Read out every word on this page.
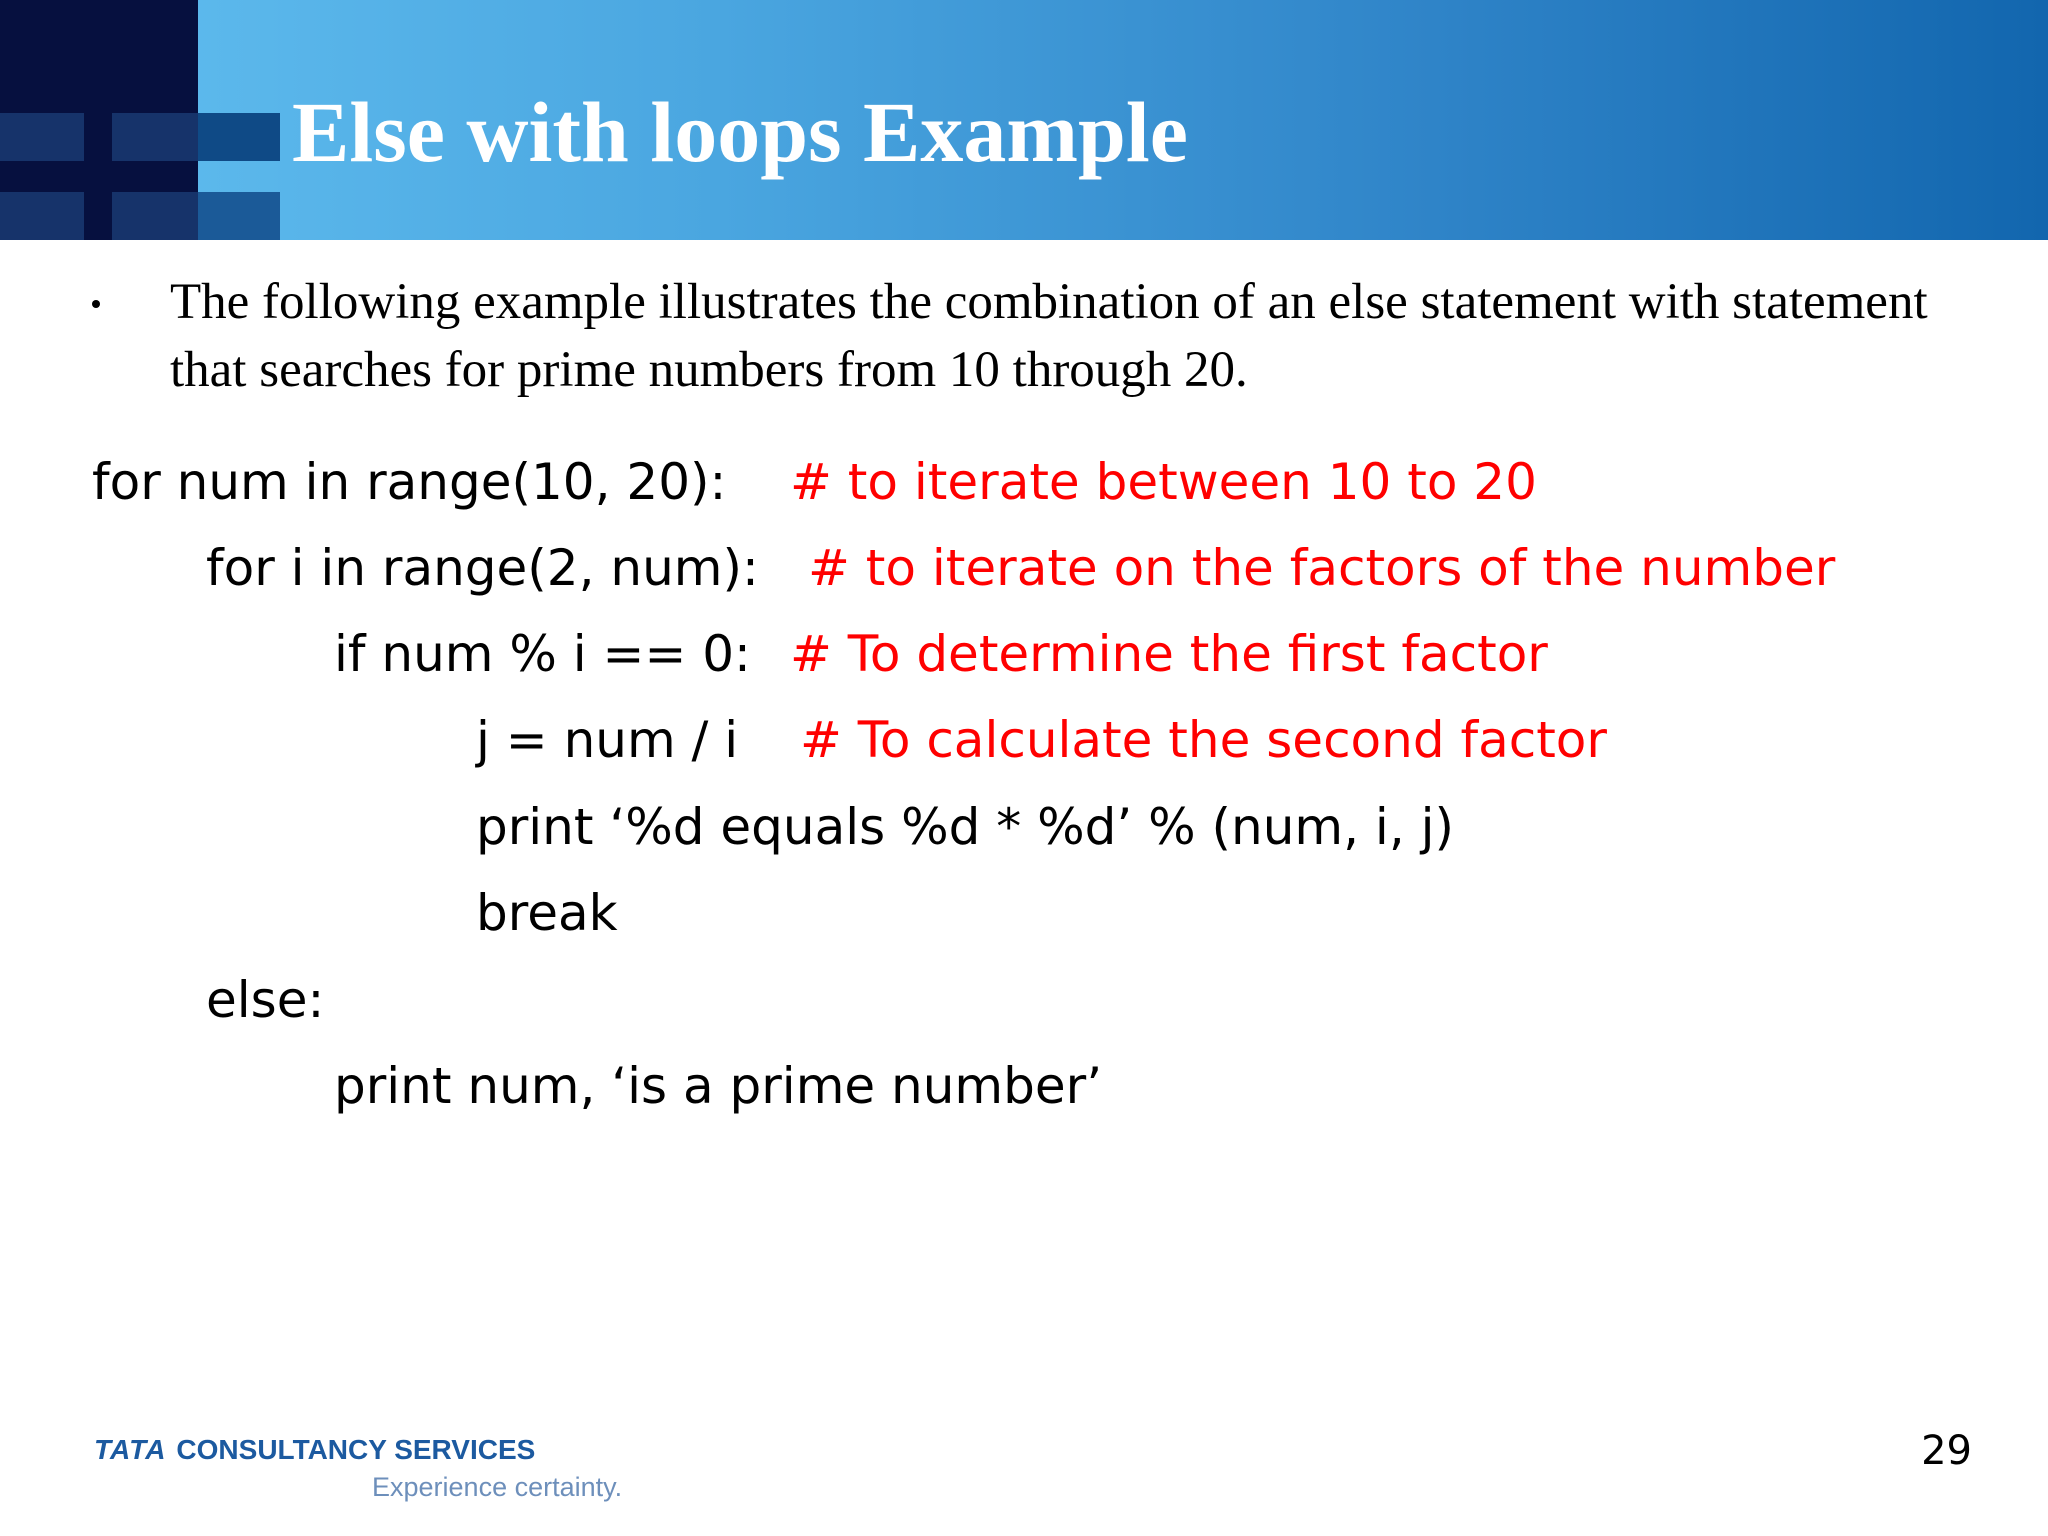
Else with loops Example

The following example illustrates the combination of an else statement with statement that searches for prime numbers from 10 through 20.

for num in range(10, 20): # to iterate between 10 to 20

for i in range(2, num): # to iterate on the factors of the number

if num % i == 0: # To determine the first factor

j = num / i # To calculate the second factor

print ‘%d equals %d * %d’ % (num, i, j)

break

else:

print num, ‘is a prime number’

TATA CONSULTANCY SERVICES
Experience certainty.
29
